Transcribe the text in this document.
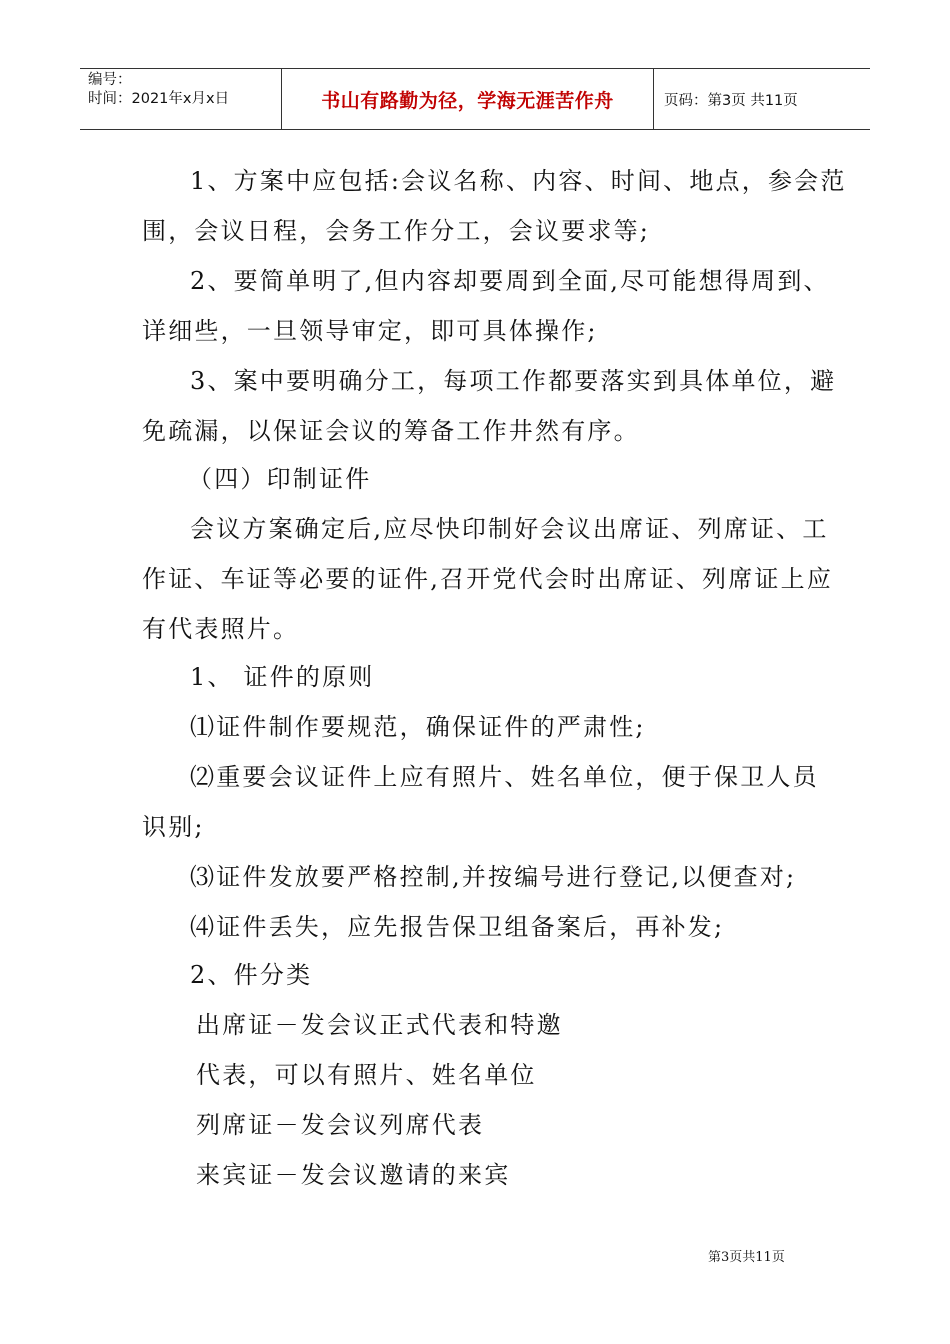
编号：
时间：2021年x月x日	书山有路勤为径，学海无涯苦作舟	页码：第3页 共11页
1、方案中应包括:会议名称、内容、时间、地点，参会范
围，会议日程，会务工作分工，会议要求等;
2、要简单明了,但内容却要周到全面,尽可能想得周到、
详细些，一旦领导审定，即可具体操作;
3、案中要明确分工，每项工作都要落实到具体单位，避
免疏漏，以保证会议的筹备工作井然有序。
（四）印制证件
会议方案确定后,应尽快印制好会议出席证、列席证、工
作证、车证等必要的证件,召开党代会时出席证、列席证上应
有代表照片。
1、 证件的原则
⑴证件制作要规范，确保证件的严肃性;
⑵重要会议证件上应有照片、姓名单位，便于保卫人员
识别;
⑶证件发放要严格控制,并按编号进行登记,以便查对;
⑷证件丢失，应先报告保卫组备案后，再补发;
2、件分类
出席证－发会议正式代表和特邀
代表，可以有照片、姓名单位
列席证－发会议列席代表
来宾证－发会议邀请的来宾
第3页共11页
